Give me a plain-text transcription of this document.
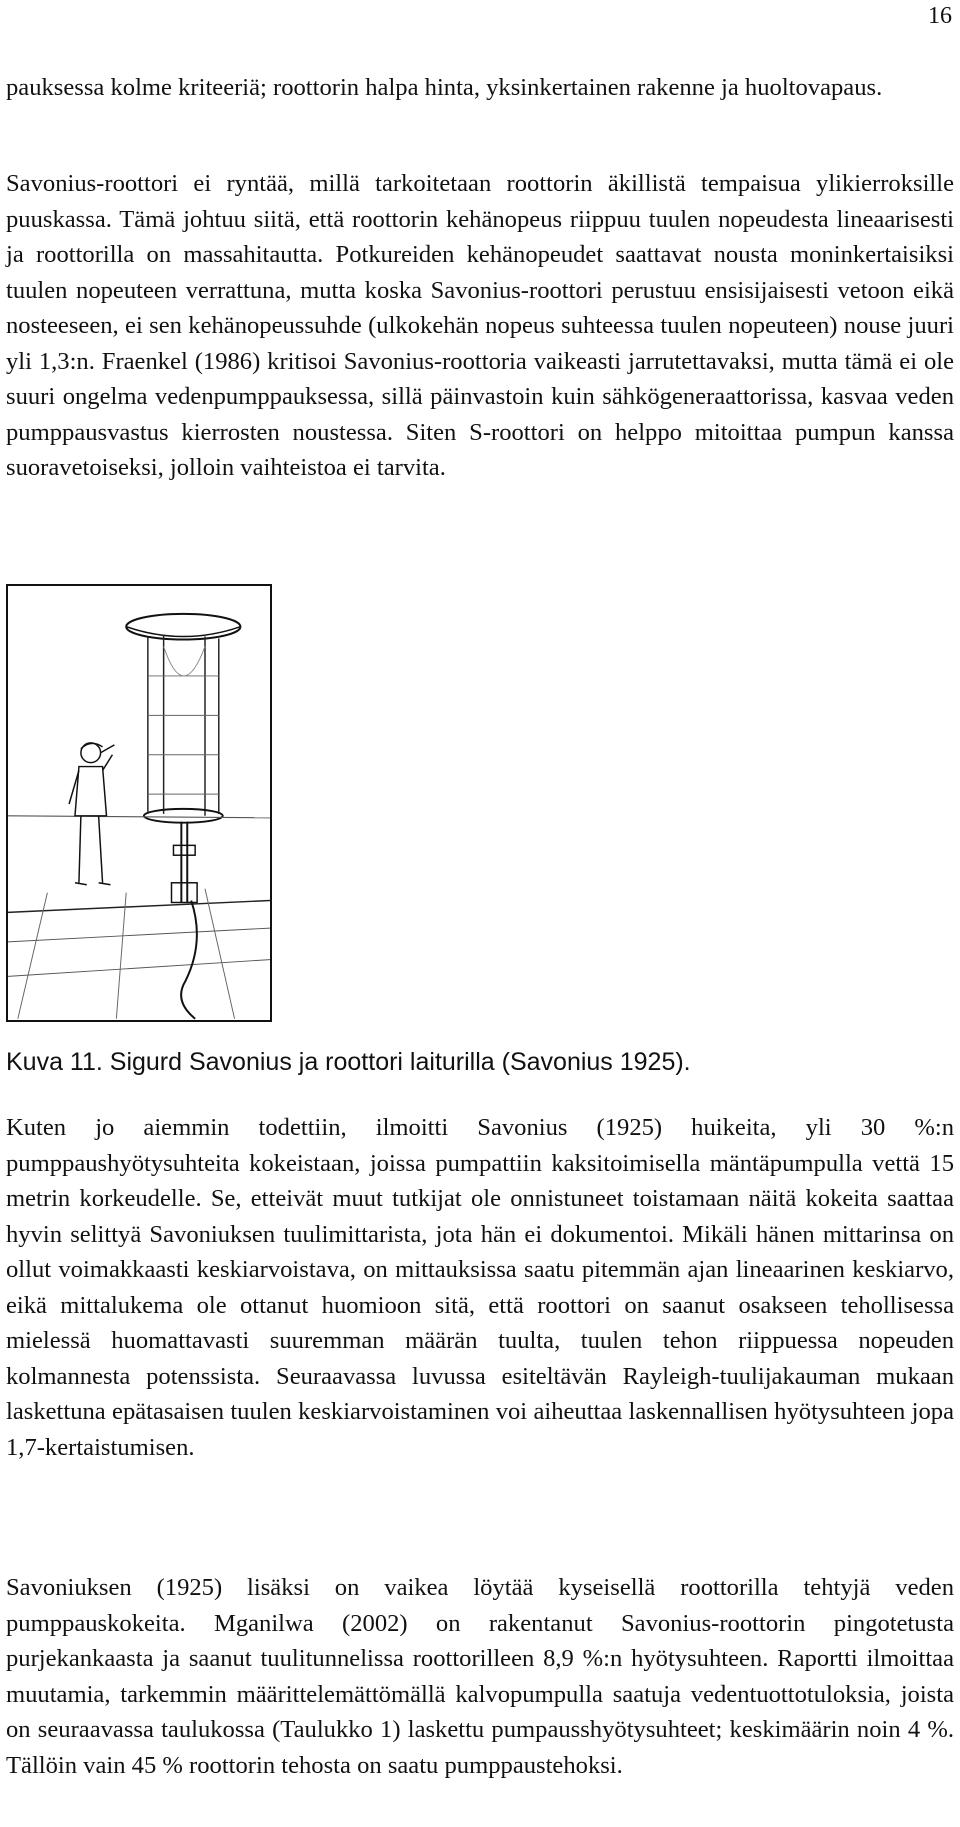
16

pauksessa kolme kriteeriä; roottorin halpa hinta, yksinkertainen rakenne ja huoltovapaus.

Savonius-roottori ei ryntää, millä tarkoitetaan roottorin äkillistä tempaisua ylikierroksille puuskassa. Tämä johtuu siitä, että roottorin kehänopeus riippuu tuulen nopeudesta lineaarisesti ja roottorilla on massahitautta. Potkureiden kehänopeudet saattavat nousta moninkertaisiksi tuulen nopeuteen verrattuna, mutta koska Savonius-roottori perustuu ensisijaisesti vetoon eikä nosteeseen, ei sen kehänopeussuhde (ulkokehän nopeus suhteessa tuulen nopeuteen) nouse juuri yli 1,3:n. Fraenkel (1986) kritisoi Savonius-roottoria vaikeasti jarrutettavaksi, mutta tämä ei ole suuri ongelma vedenpumppauksessa, sillä päinvastoin kuin sähkögeneraattorissa, kasvaa veden pumppausvastus kierrosten noustessa. Siten S-roottori on helppo mitoittaa pumpun kanssa suoravetoiseksi, jolloin vaihteistoa ei tarvita.

Kuva 11. Sigurd Savonius ja roottori laiturilla (Savonius 1925).

Kuten jo aiemmin todettiin, ilmoitti Savonius (1925) huikeita, yli 30 %:n pumppaushyötysuhteita kokeistaan, joissa pumpattiin kaksitoimisella mäntäpumpulla vettä 15 metrin korkeudelle. Se, etteivät muut tutkijat ole onnistuneet toistamaan näitä kokeita saattaa hyvin selittyä Savoniuksen tuulimittarista, jota hän ei dokumentoi. Mikäli hänen mittarinsa on ollut voimakkaasti keskiarvoistava, on mittauksissa saatu pitemmän ajan lineaarinen keskiarvo, eikä mittalukema ole ottanut huomioon sitä, että roottori on saanut osakseen tehollisessa mielessä huomattavasti suuremman määrän tuulta, tuulen tehon riippuessa nopeuden kolmannesta potenssista. Seuraavassa luvussa esiteltävän Rayleigh-tuulijakauman mukaan laskettuna epätasaisen tuulen keskiarvoistaminen voi aiheuttaa laskennallisen hyötysuhteen jopa 1,7-kertaistumisen.

Savoniuksen (1925) lisäksi on vaikea löytää kyseisellä roottorilla tehtyjä veden pumppauskokeita. Mganilwa (2002) on rakentanut Savonius-roottorin pingotetusta purjekankaasta ja saanut tuulitunnelissa roottorilleen 8,9 %:n hyötysuhteen. Raportti ilmoittaa muutamia, tarkemmin määrittelemättömällä kalvopumpulla saatuja vedentuottotuloksia, joista on seuraavassa taulukossa (Taulukko 1) laskettu pumpausshyötysuhteet; keskimäärin noin 4 %. Tällöin vain 45 % roottorin tehosta on saatu pumppaustehoksi.
